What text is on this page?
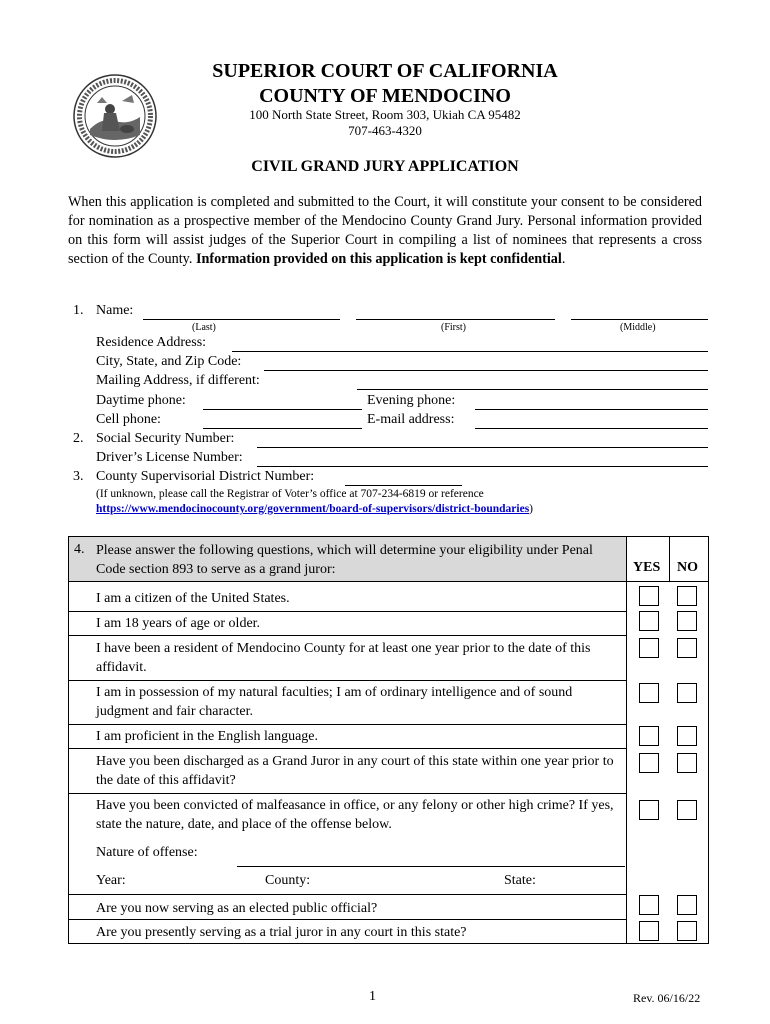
SUPERIOR COURT OF CALIFORNIA
COUNTY OF MENDOCINO
100 North State Street, Room 303, Ukiah CA 95482
707-463-4320
CIVIL GRAND JURY APPLICATION
When this application is completed and submitted to the Court, it will constitute your consent to be considered for nomination as a prospective member of the Mendocino County Grand Jury. Personal information provided on this form will assist judges of the Superior Court in compiling a list of nominees that represents a cross section of the County. Information provided on this application is kept confidential.
1. Name:
(Last)	(First)	(Middle)
Residence Address:
City, State, and Zip Code:
Mailing Address, if different:
Daytime phone:	Evening phone:
Cell phone:	E-mail address:
2. Social Security Number:
Driver’s License Number:
3. County Supervisorial District Number:
(If unknown, please call the Registrar of Voter’s office at 707-234-6819 or reference
https://www.mendocinocounty.org/government/board-of-supervisors/district-boundaries)
4. Please answer the following questions, which will determine your eligibility under Penal Code section 893 to serve as a grand juror:	YES NO
I am a citizen of the United States.
I am 18 years of age or older.
I have been a resident of Mendocino County for at least one year prior to the date of this affidavit.
I am in possession of my natural faculties; I am of ordinary intelligence and of sound judgment and fair character.
I am proficient in the English language.
Have you been discharged as a Grand Juror in any court of this state within one year prior to the date of this affidavit?
Have you been convicted of malfeasance in office, or any felony or other high crime? If yes, state the nature, date, and place of the offense below.
Nature of offense:
Year:	County:	State:
Are you now serving as an elected public official?
Are you presently serving as a trial juror in any court in this state?
1	Rev. 06/16/22
